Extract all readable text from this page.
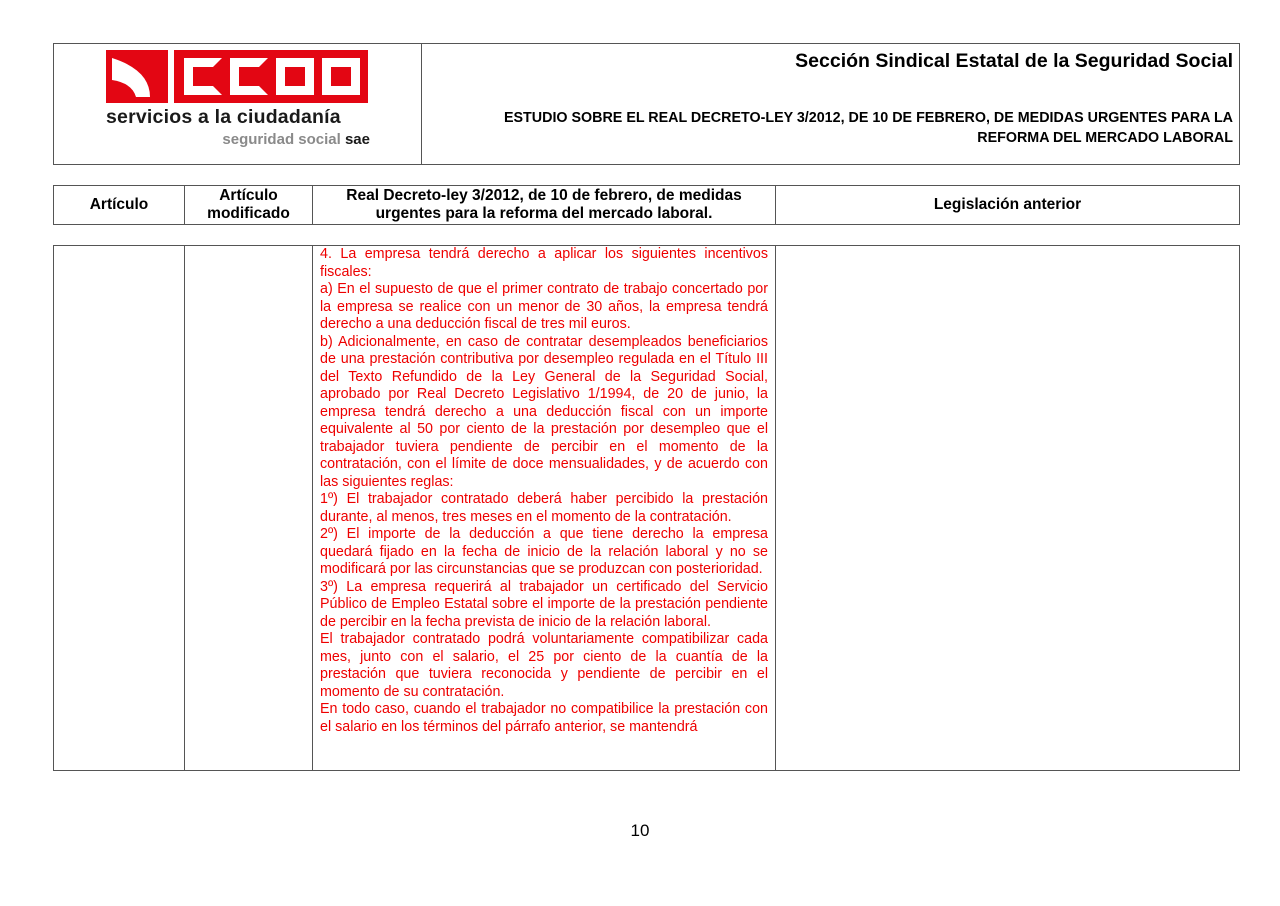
servicios a la ciudadanía
seguridad social sae
Sección Sindical Estatal de la Seguridad Social
ESTUDIO SOBRE EL REAL DECRETO-LEY 3/2012, DE 10 DE FEBRERO, DE MEDIDAS URGENTES PARA LA REFORMA DEL MERCADO LABORAL
Artículo
Artículo modificado
Real Decreto-ley 3/2012, de 10 de febrero, de medidas urgentes para la reforma del mercado laboral.
Legislación anterior

4. La empresa tendrá derecho a aplicar los siguientes incentivos fiscales:

a) En el supuesto de que el primer contrato de trabajo concertado por la empresa se realice con un menor de 30 años, la empresa tendrá derecho a una deducción fiscal de tres mil euros.

b) Adicionalmente, en caso de contratar desempleados beneficiarios de una prestación contributiva por desempleo regulada en el Título III del Texto Refundido de la Ley General de la Seguridad Social, aprobado por Real Decreto Legislativo 1/1994, de 20 de junio, la empresa tendrá derecho a una deducción fiscal con un importe equivalente al 50 por ciento de la prestación por desempleo que el trabajador tuviera pendiente de percibir en el momento de la contratación, con el límite de doce mensualidades, y de acuerdo con las siguientes reglas:

1º) El trabajador contratado deberá haber percibido la prestación durante, al menos, tres meses en el momento de la contratación.

2º) El importe de la deducción a que tiene derecho la empresa quedará fijado en la fecha de inicio de la relación laboral y no se modificará por las circunstancias que se produzcan con posterioridad.

3º) La empresa requerirá al trabajador un certificado del Servicio Público de Empleo Estatal sobre el importe de la prestación pendiente de percibir en la fecha prevista de inicio de la relación laboral.

El trabajador contratado podrá voluntariamente compatibilizar cada mes, junto con el salario, el 25 por ciento de la cuantía de la prestación que tuviera reconocida y pendiente de percibir en el momento de su contratación.

En todo caso, cuando el trabajador no compatibilice la prestación con el salario en los términos del párrafo anterior, se mantendrá

10
